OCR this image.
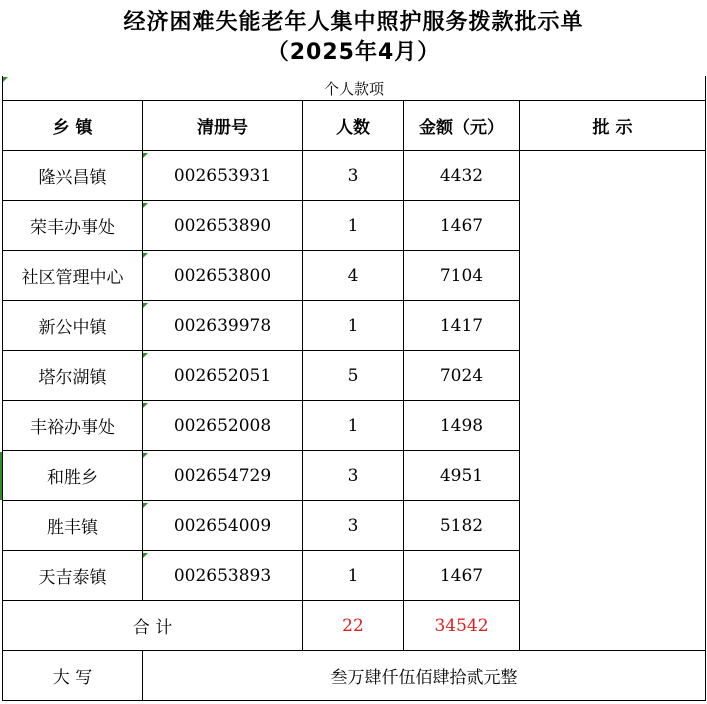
经济困难失能老年人集中照护服务拨款批示单
（2025年4月）
个人款项				
乡 镇	清册号	人数	金额（元）	批 示
隆兴昌镇	002653931	3	4432	
荣丰办事处	002653890	1	1467	
社区管理中心	002653800	4	7104	
新公中镇	002639978	1	1417	
塔尔湖镇	002652051	5	7024	
丰裕办事处	002652008	1	1498	
和胜乡	002654729	3	4951	
胜丰镇	002654009	3	5182	
天吉泰镇	002653893	1	1467	
合 计		22	34542	
大 写	叁万肆仟伍佰肆拾贰元整			
